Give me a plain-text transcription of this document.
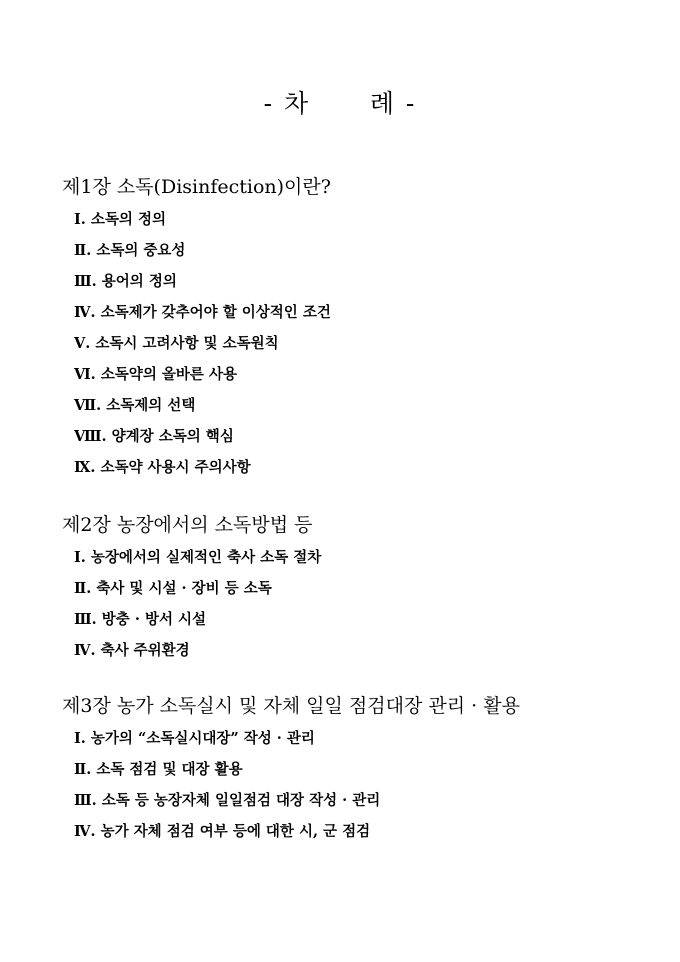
- 차      례 -
제1장 소독(Disinfection)이란?
Ⅰ. 소독의 정의
Ⅱ. 소독의 중요성
Ⅲ. 용어의 정의
Ⅳ. 소독제가 갖추어야 할 이상적인 조건
Ⅴ. 소독시 고려사항 및 소독원칙
Ⅵ. 소독약의 올바른 사용
Ⅶ. 소독제의 선택
Ⅷ. 양계장 소독의 핵심
Ⅸ. 소독약 사용시 주의사항
제2장 농장에서의 소독방법 등
Ⅰ. 농장에서의 실제적인 축사 소독 절차
Ⅱ. 축사 및 시설 · 장비 등 소독
Ⅲ. 방충 · 방서 시설
Ⅳ. 축사 주위환경
제3장 농가 소독실시 및 자체 일일 점검대장 관리 · 활용
Ⅰ. 농가의 “소독실시대장” 작성 · 관리
Ⅱ. 소독 점검 및 대장 활용
Ⅲ. 소독 등 농장자체 일일점검 대장 작성 · 관리
Ⅳ. 농가 자체 점검 여부 등에 대한 시, 군 점검
